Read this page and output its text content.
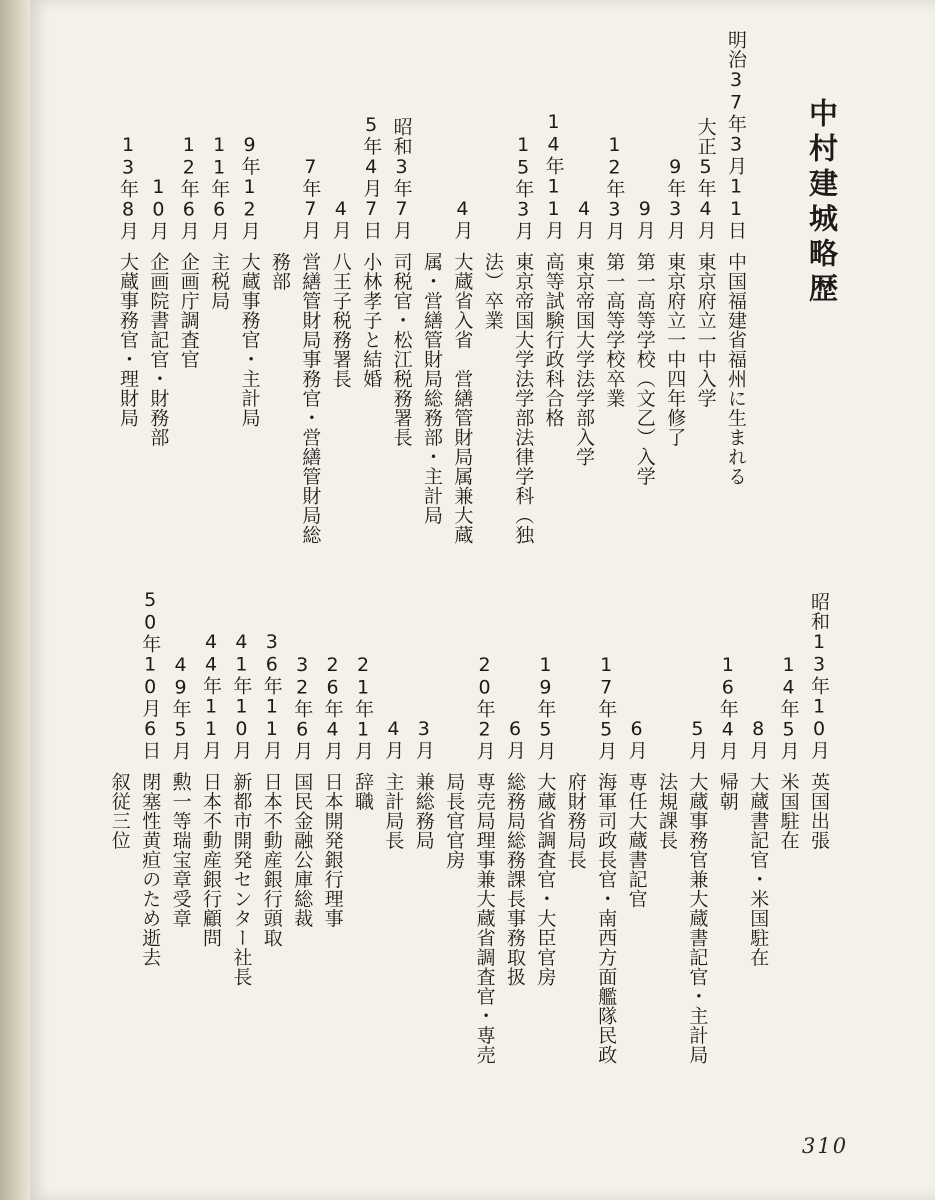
中村建城略歴
明治37年3月11日
中国福建省福州に生まれる
大正5年4月
東京府立一中入学
9年3月
東京府立一中四年修了
9月
第一高等学校（文乙）入学
12年3月
第一高等学校卒業
4月
東京帝国大学法学部入学
14年11月
高等試験行政科合格
15年3月
東京帝国大学法学部法律学科（独
法）卒業
4月
大蔵省入省　営繕管財局属兼大蔵
属・営繕管財局総務部・主計局
昭和3年7月
司税官・松江税務署長
5年4月7日
小林孝子と結婚
4月
八王子税務署長
7年7月
営繕管財局事務官・営繕管財局総
務部
9年12月
大蔵事務官・主計局
11年6月
主税局
12年6月
企画庁調査官
10月
企画院書記官・財務部
13年8月
大蔵事務官・理財局
昭和13年10月
英国出張
14年5月
米国駐在
8月
大蔵書記官・米国駐在
16年4月
帰朝
5月
大蔵事務官兼大蔵書記官・主計局
法規課長
6月
専任大蔵書記官
17年5月
海軍司政長官・南西方面艦隊民政
府財務局長
19年5月
大蔵省調査官・大臣官房
6月
総務局総務課長事務取扱
20年2月
専売局理事兼大蔵省調査官・専売
局長官官房
3月
兼総務局
4月
主計局長
21年1月
辞職
26年4月
日本開発銀行理事
32年6月
国民金融公庫総裁
36年11月
日本不動産銀行頭取
41年10月
新都市開発センター社長
44年11月
日本不動産銀行顧問
49年5月
勲一等瑞宝章受章
50年10月6日
閉塞性黄疸のため逝去
叙従三位
310
